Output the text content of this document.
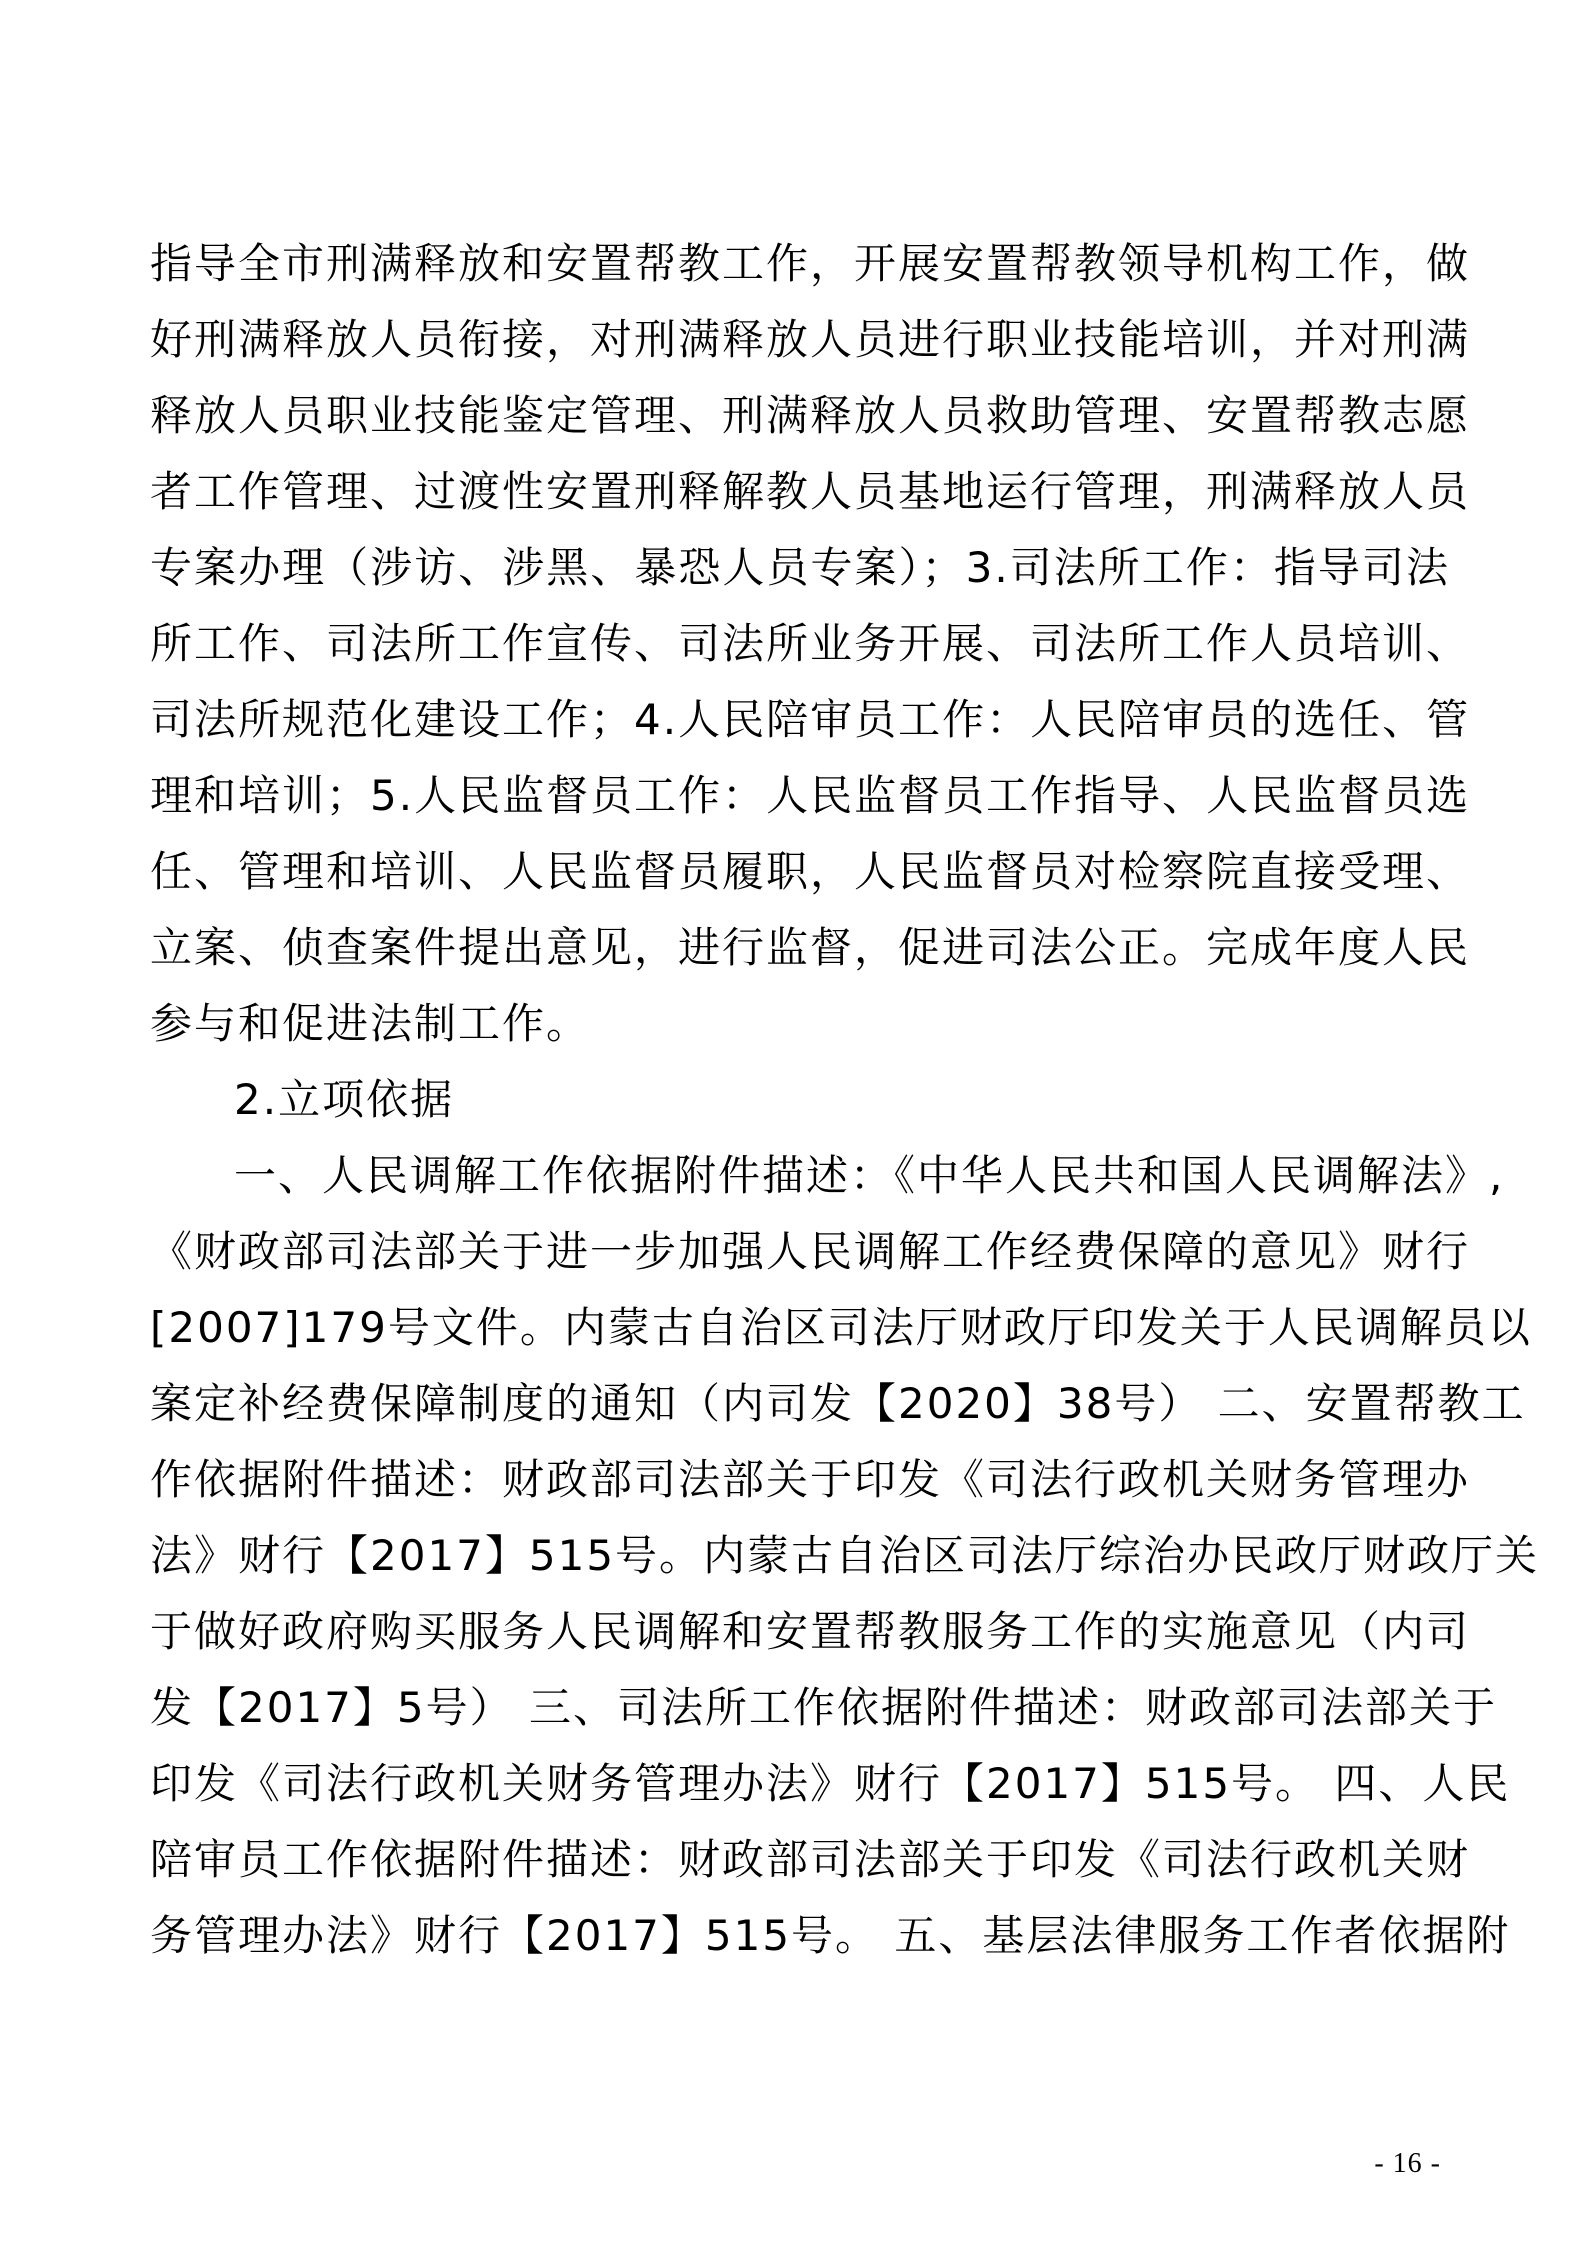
指导全市刑满释放和安置帮教工作，开展安置帮教领导机构工作，做
好刑满释放人员衔接，对刑满释放人员进行职业技能培训，并对刑满
释放人员职业技能鉴定管理、刑满释放人员救助管理、安置帮教志愿
者工作管理、过渡性安置刑释解教人员基地运行管理，刑满释放人员
专案办理（涉访、涉黑、暴恐人员专案）；3.司法所工作：指导司法
所工作、司法所工作宣传、司法所业务开展、司法所工作人员培训、
司法所规范化建设工作；4.人民陪审员工作：人民陪审员的选任、管
理和培训；5.人民监督员工作：人民监督员工作指导、人民监督员选
任、管理和培训、人民监督员履职，人民监督员对检察院直接受理、
立案、侦查案件提出意见，进行监督，促进司法公正。完成年度人民
参与和促进法制工作。
2.立项依据
一、人民调解工作依据附件描述：《中华人民共和国人民调解法》,
《财政部司法部关于进一步加强人民调解工作经费保障的意见》财行
[2007]179号文件。内蒙古自治区司法厅财政厅印发关于人民调解员以
案定补经费保障制度的通知（内司发【2020】38号） 二、安置帮教工
作依据附件描述：财政部司法部关于印发《司法行政机关财务管理办
法》财行【2017】515号。内蒙古自治区司法厅综治办民政厅财政厅关
于做好政府购买服务人民调解和安置帮教服务工作的实施意见（内司
发【2017】5号） 三、司法所工作依据附件描述：财政部司法部关于
印发《司法行政机关财务管理办法》财行【2017】515号。 四、人民
陪审员工作依据附件描述：财政部司法部关于印发《司法行政机关财
务管理办法》财行【2017】515号。 五、基层法律服务工作者依据附
- 16 -
